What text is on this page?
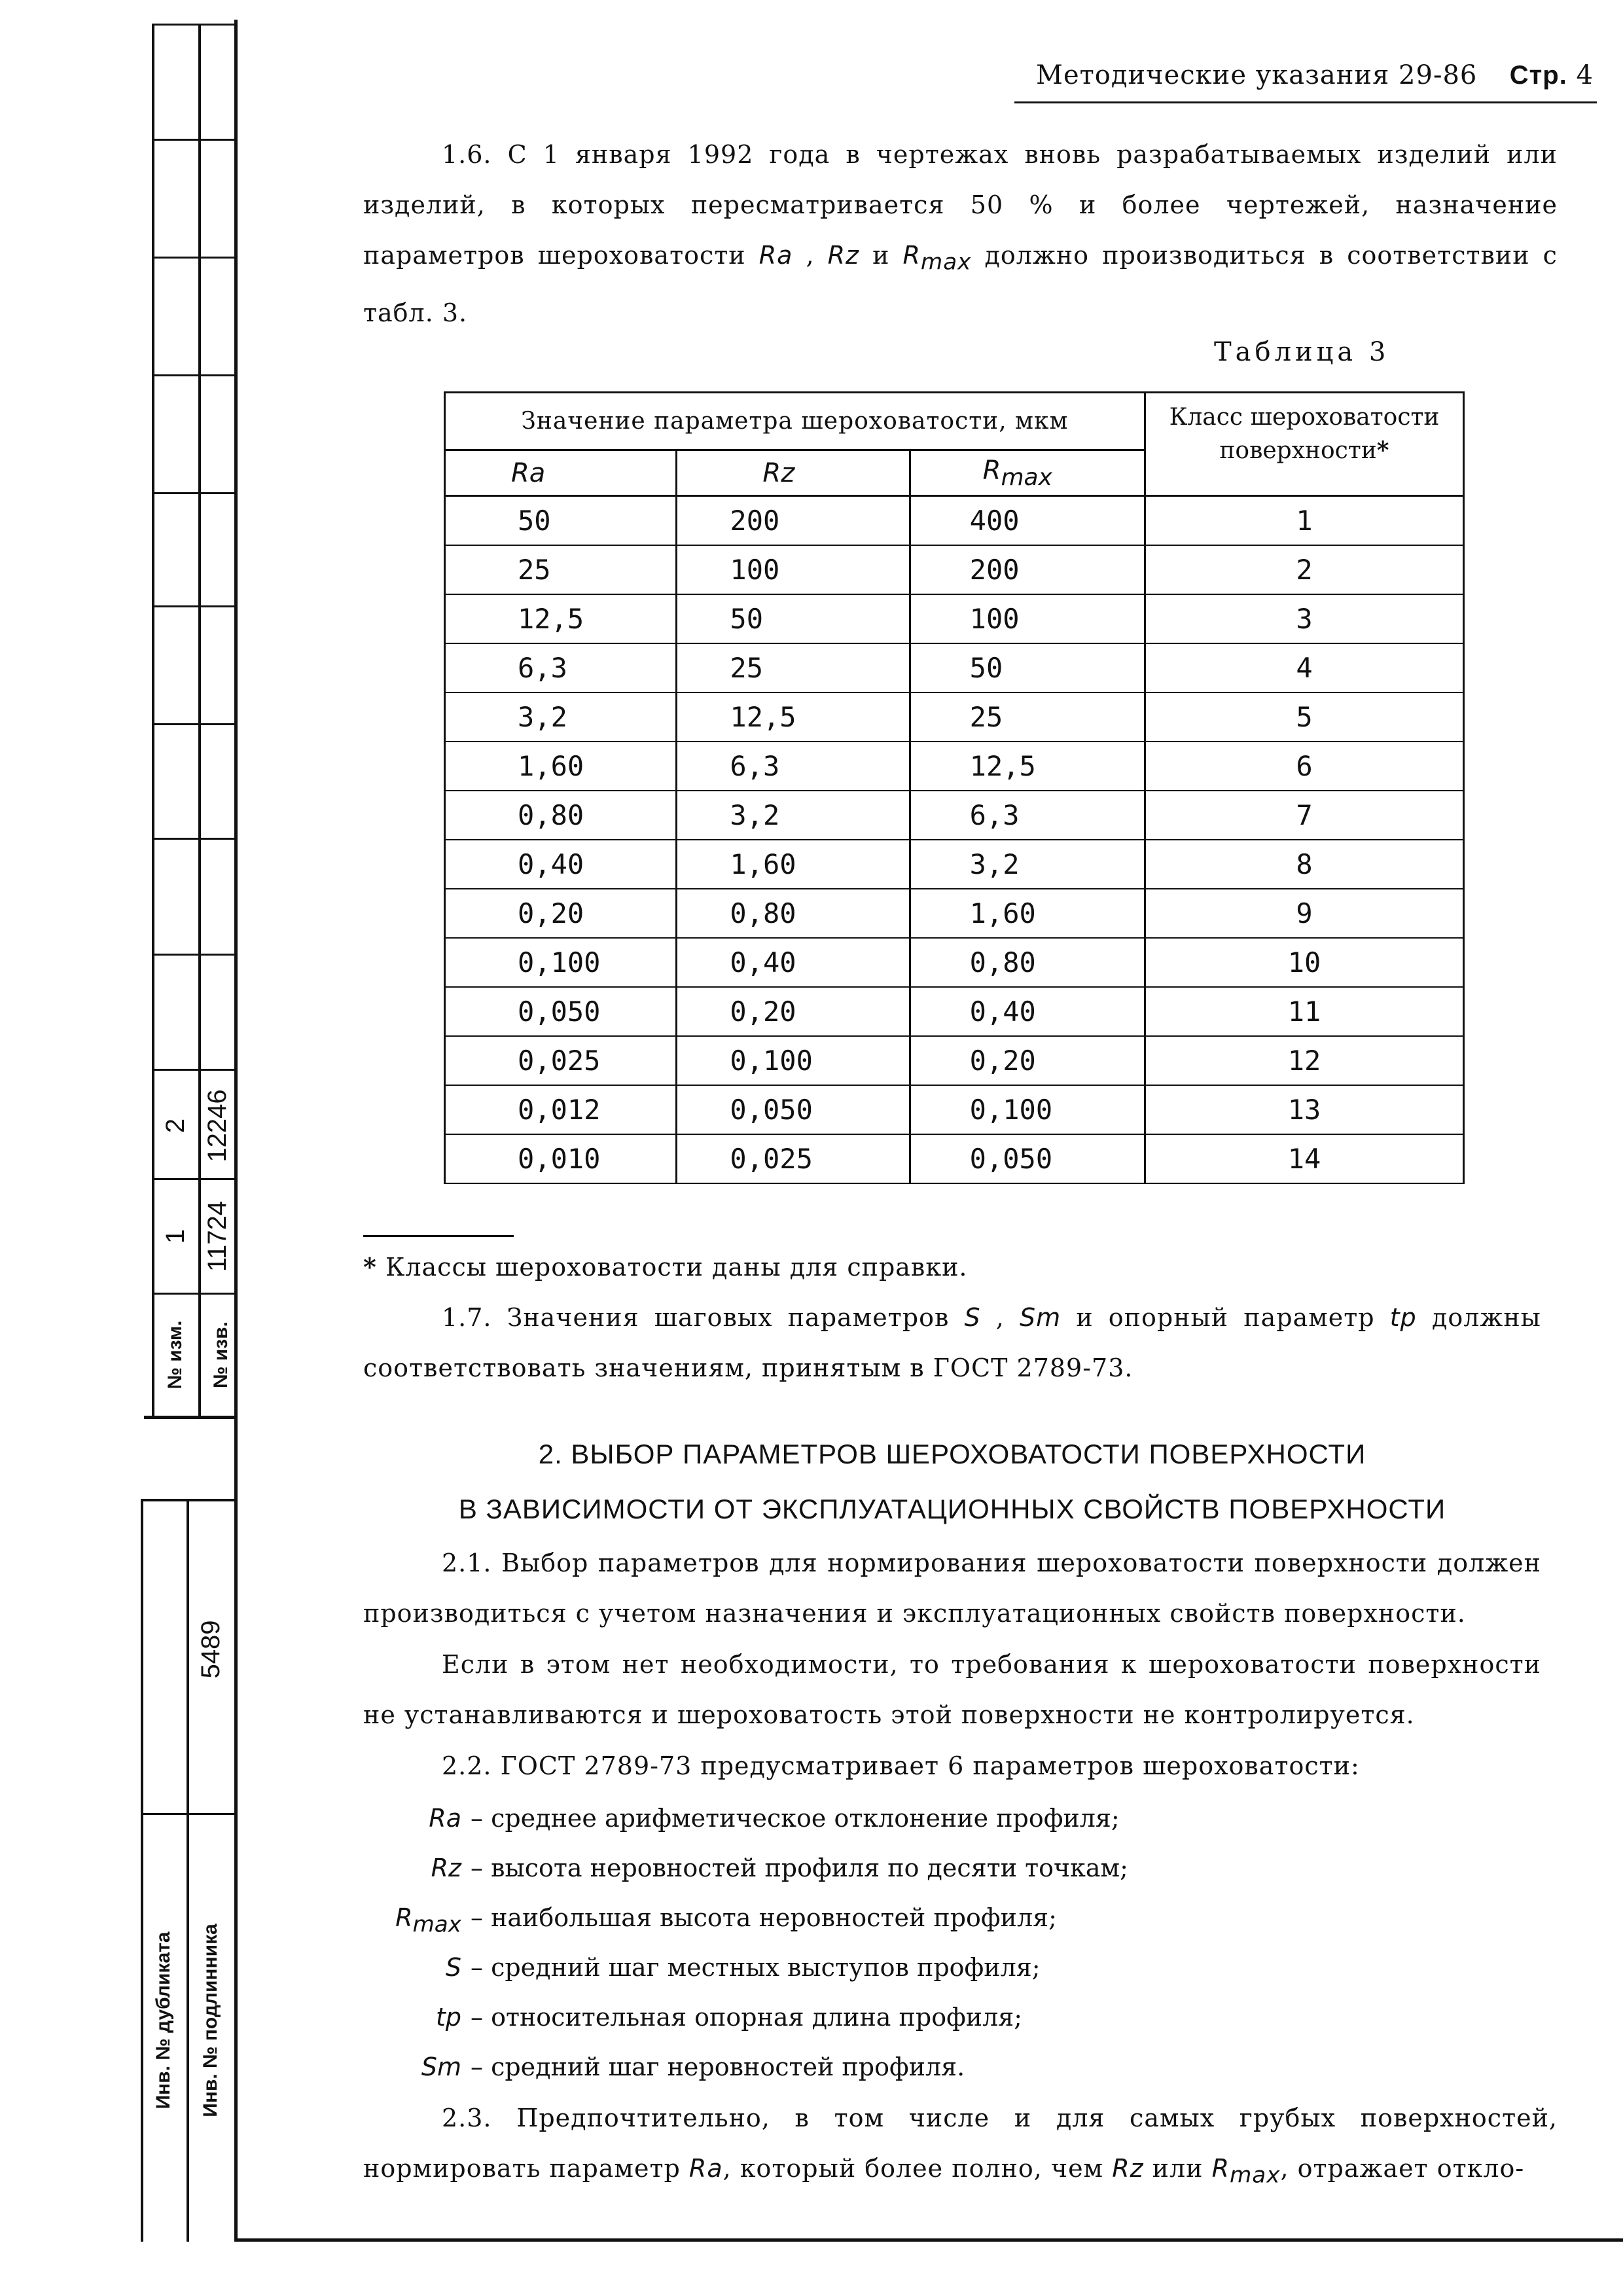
№ изм. № изв.
1
2
11724
12246
Инв. № дубликата Инв. № подлинника
5489
Методические указания 29-86 Стр. 4
1.6. С 1 января 1992 года в чертежах вновь разрабатываемых изделий или изделий, в которых пересматривается 50 % и более чертежей, назначение параметров шероховатости Ra , Rz и $R_{max}$ должно производиться в соответствии с табл. 3.
Таблица 3
Значение параметра шероховатости, мкм			Класс шероховатости поверхности*
Ra	Rz	$R_{max}$
50	200	400	1
25	100	200	2
12,5	50	100	3
6,3	25	50	4
3,2	12,5	25	5
1,60	6,3	12,5	6
0,80	3,2	6,3	7
0,40	1,60	3,2	8
0,20	0,80	1,60	9
0,100	0,40	0,80	10
0,050	0,20	0,40	11
0,025	0,100	0,20	12
0,012	0,050	0,100	13
0,010	0,025	0,050	14
* Классы шероховатости даны для справки.
1.7. Значения шаговых параметров S , Sm и опорный параметр tp должны соответствовать значениям, принятым в ГОСТ 2789-73.
2. ВЫБОР ПАРАМЕТРОВ ШЕРОХОВАТОСТИ ПОВЕРХНОСТИ
В ЗАВИСИМОСТИ ОТ ЭКСПЛУАТАЦИОННЫХ СВОЙСТВ ПОВЕРХНОСТИ
2.1. Выбор параметров для нормирования шероховатости поверхности должен производиться с учетом назначения и эксплуатационных свойств поверхности.
Если в этом нет необходимости, то требования к шероховатости поверхности не устанавливаются и шероховатость этой поверхности не контролируется.
2.2. ГОСТ 2789-73 предусматривает 6 параметров шероховатости:
Ra – среднее арифметическое отклонение профиля;
Rz – высота неровностей профиля по десяти точкам;
$R_{max}$ – наибольшая высота неровностей профиля;
S – средний шаг местных выступов профиля;
tp – относительная опорная длина профиля;
Sm – средний шаг неровностей профиля.
2.3. Предпочтительно, в том числе и для самых грубых поверхностей, нормировать параметр Ra, который более полно, чем Rz или $R_{max}$, отражает откло-
